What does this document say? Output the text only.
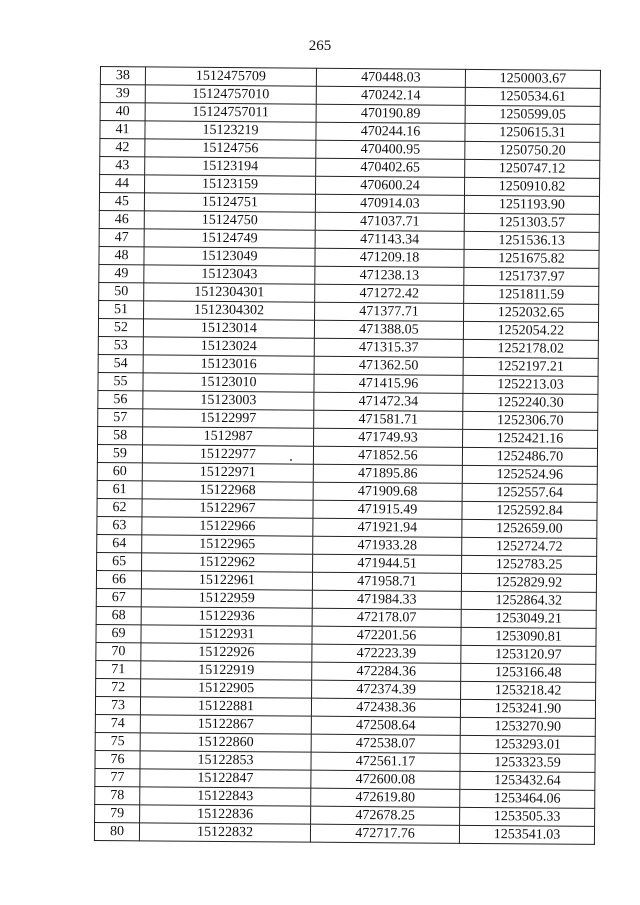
265
38	1512475709	470448.03	1250003.67
39	15124757010	470242.14	1250534.61
40	15124757011	470190.89	1250599.05
41	15123219	470244.16	1250615.31
42	15124756	470400.95	1250750.20
43	15123194	470402.65	1250747.12
44	15123159	470600.24	1250910.82
45	15124751	470914.03	1251193.90
46	15124750	471037.71	1251303.57
47	15124749	471143.34	1251536.13
48	15123049	471209.18	1251675.82
49	15123043	471238.13	1251737.97
50	1512304301	471272.42	1251811.59
51	1512304302	471377.71	1252032.65
52	15123014	471388.05	1252054.22
53	15123024	471315.37	1252178.02
54	15123016	471362.50	1252197.21
55	15123010	471415.96	1252213.03
56	15123003	471472.34	1252240.30
57	15122997	471581.71	1252306.70
58	1512987	471749.93	1252421.16
59	15122977	471852.56	1252486.70
60	15122971	471895.86	1252524.96
61	15122968	471909.68	1252557.64
62	15122967	471915.49	1252592.84
63	15122966	471921.94	1252659.00
64	15122965	471933.28	1252724.72
65	15122962	471944.51	1252783.25
66	15122961	471958.71	1252829.92
67	15122959	471984.33	1252864.32
68	15122936	472178.07	1253049.21
69	15122931	472201.56	1253090.81
70	15122926	472223.39	1253120.97
71	15122919	472284.36	1253166.48
72	15122905	472374.39	1253218.42
73	15122881	472438.36	1253241.90
74	15122867	472508.64	1253270.90
75	15122860	472538.07	1253293.01
76	15122853	472561.17	1253323.59
77	15122847	472600.08	1253432.64
78	15122843	472619.80	1253464.06
79	15122836	472678.25	1253505.33
80	15122832	472717.76	1253541.03
